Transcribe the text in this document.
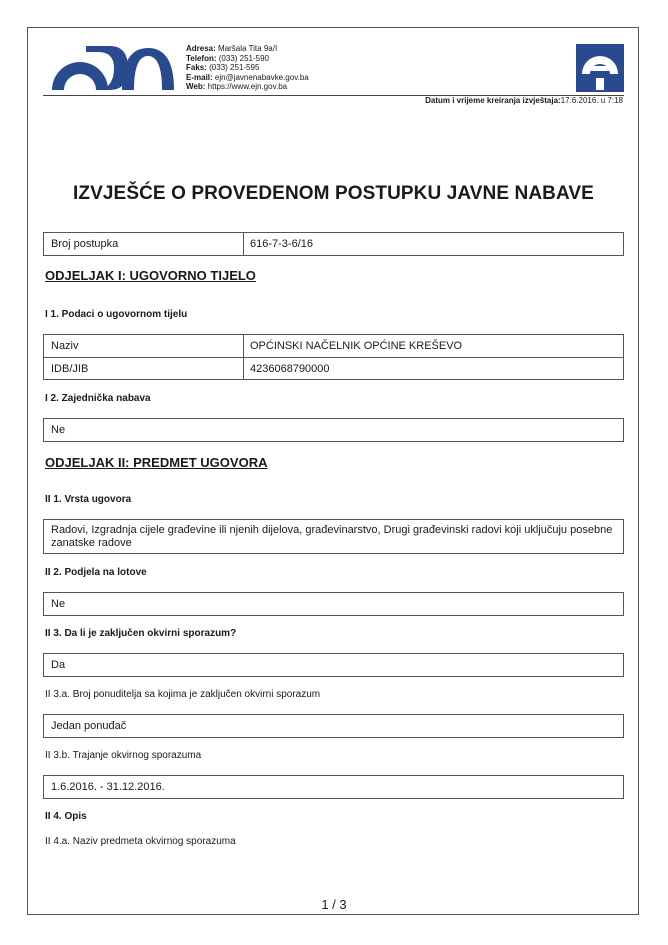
Adresa: Maršala Tita 9a/I
Telefon: (033) 251-590
Faks: (033) 251-595
E-mail: ejn@javnenabavke.gov.ba
Web: https://www.ejn.gov.ba
Datum i vrijeme kreiranja izvještaja:17.6.2016. u 7:18
IZVJEŠĆE O PROVEDENOM POSTUPKU JAVNE NABAVE
Broj postupka	616-7-3-6/16
ODJELJAK I: UGOVORNO TIJELO
I 1. Podaci o ugovornom tijelu
Naziv	OPĆINSKI NAČELNIK OPĆINE KREŠEVO
IDB/JIB	4236068790000
I 2. Zajednička nabava
Ne
ODJELJAK II: PREDMET UGOVORA
II 1. Vrsta ugovora
Radovi, Izgradnja cijele građevine ili njenih dijelova, građevinarstvo, Drugi građevinski radovi koji uključuju posebne zanatske radove
II 2. Podjela na lotove
Ne
II 3. Da li je zaključen okvirni sporazum?
Da
II 3.a. Broj ponuditelja sa kojima je zaključen okvirni sporazum
Jedan ponuđač
II 3.b. Trajanje okvirnog sporazuma
1.6.2016. - 31.12.2016.
II 4. Opis
II 4.a. Naziv predmeta okvirnog sporazuma
1 / 3
